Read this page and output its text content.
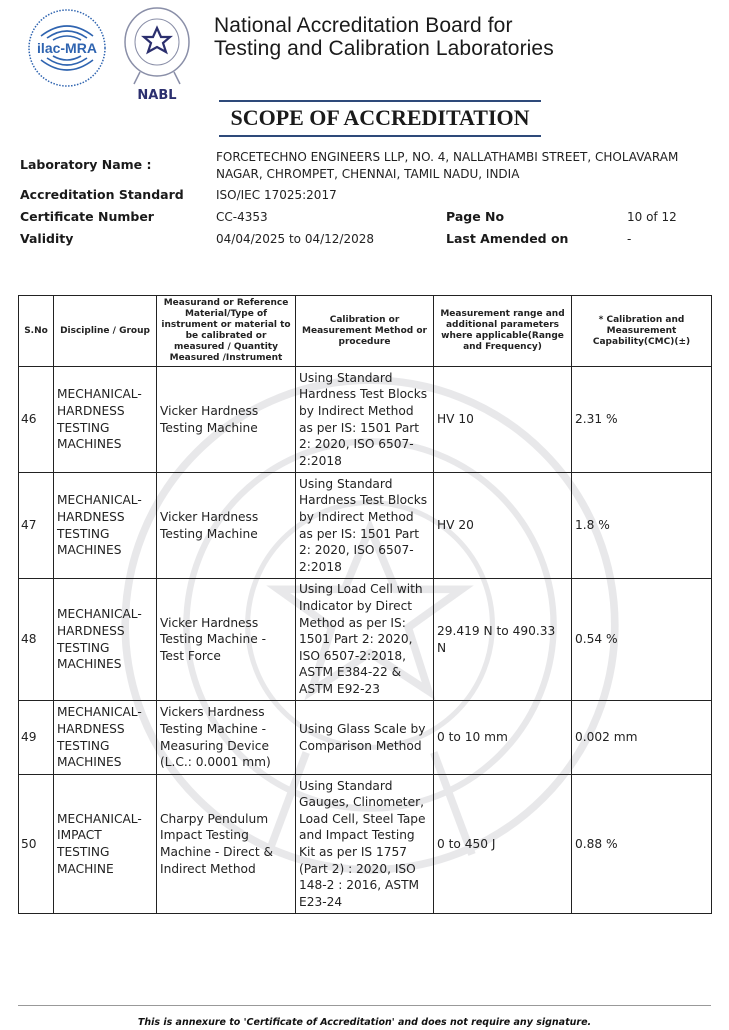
ilac-MRA
NABL
National Accreditation Board for
Testing and Calibration Laboratories
SCOPE OF ACCREDITATION
Laboratory Name :	FORCETECHNO ENGINEERS LLP, NO. 4, NALLATHAMBI STREET, CHOLAVARAM
NAGAR, CHROMPET, CHENNAI, TAMIL NADU, INDIA
Accreditation Standard	ISO/IEC 17025:2017
Certificate Number	CC-4353	Page No	10 of 12
Validity	04/04/2025 to 04/12/2028	Last Amended on	-
S.No	Discipline / Group	Measurand or Reference Material/Type of instrument or material to be calibrated or measured / Quantity Measured /Instrument	Calibration or Measurement Method or procedure	Measurement range and additional parameters where applicable(Range and Frequency)	* Calibration and Measurement Capability(CMC)(±)
46	MECHANICAL- HARDNESS TESTING MACHINES	Vicker Hardness Testing Machine	Using Standard Hardness Test Blocks by Indirect Method as per IS: 1501 Part 2: 2020, ISO 6507-2:2018	HV 10	2.31 %
47	MECHANICAL- HARDNESS TESTING MACHINES	Vicker Hardness Testing Machine	Using Standard Hardness Test Blocks by Indirect Method as per IS: 1501 Part 2: 2020, ISO 6507-2:2018	HV 20	1.8 %
48	MECHANICAL- HARDNESS TESTING MACHINES	Vicker Hardness Testing Machine - Test Force	Using Load Cell with Indicator by Direct Method as per IS: 1501 Part 2: 2020, ISO 6507-2:2018, ASTM E384-22 & ASTM E92-23	29.419 N to 490.33 N	0.54 %
49	MECHANICAL- HARDNESS TESTING MACHINES	Vickers Hardness Testing Machine - Measuring Device (L.C.: 0.0001 mm)	Using Glass Scale by Comparison Method	0 to 10 mm	0.002 mm
50	MECHANICAL- IMPACT TESTING MACHINE	Charpy Pendulum Impact Testing Machine - Direct & Indirect Method	Using Standard Gauges, Clinometer, Load Cell, Steel Tape and Impact Testing Kit as per IS 1757 (Part 2) : 2020, ISO 148-2 : 2016, ASTM E23-24	0 to 450 J	0.88 %
This is annexure to 'Certificate of Accreditation' and does not require any signature.
